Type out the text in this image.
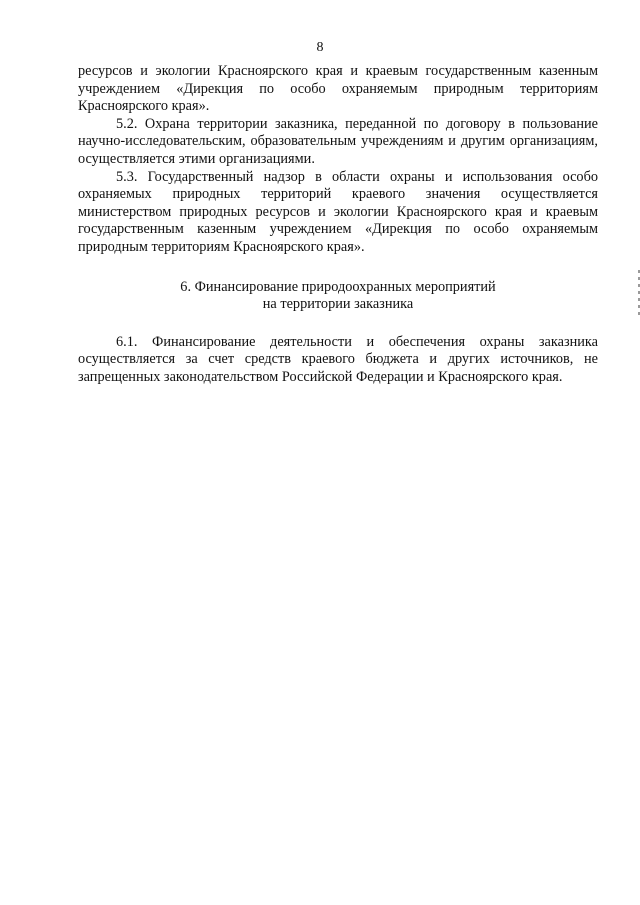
8

ресурсов и экологии Красноярского края и краевым государственным казенным учреждением «Дирекция по особо охраняемым природным территориям Красноярского края».

5.2. Охрана территории заказника, переданной по договору в пользование научно-исследовательским, образовательным учреждениям и другим организациям, осуществляется этими организациями.

5.3. Государственный надзор в области охраны и использования особо охраняемых природных территорий краевого значения осуществляется министерством природных ресурсов и экологии Красноярского края и краевым государственным казенным учреждением «Дирекция по особо охраняемым природным территориям Красноярского края».

6. Финансирование природоохранных мероприятий
на территории заказника

6.1. Финансирование деятельности и обеспечения охраны заказника осуществляется за счет средств краевого бюджета и других источников, не запрещенных законодательством Российской Федерации и Красноярского края.
